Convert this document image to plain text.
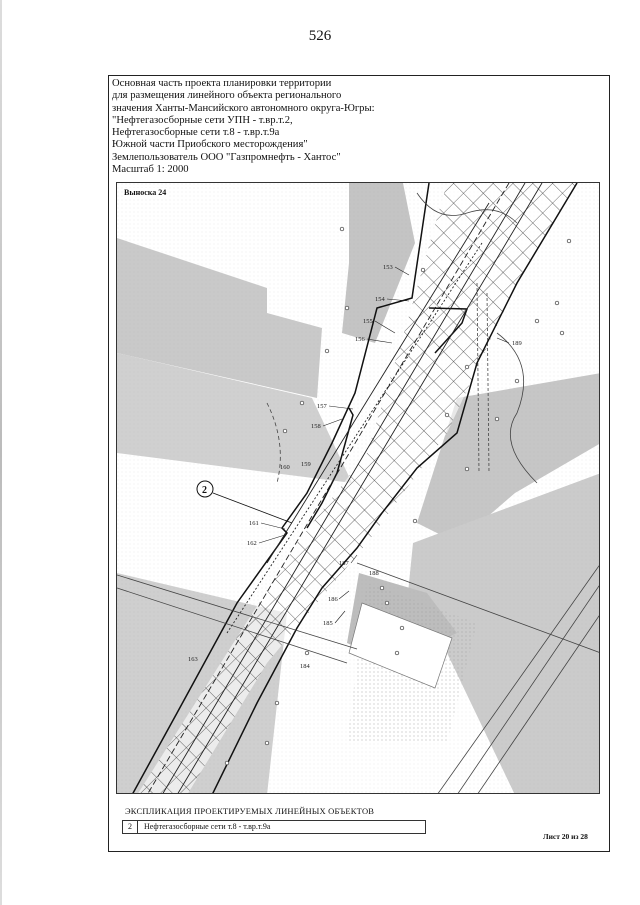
526
Основная часть проекта планировки территории
для размещения линейного объекта регионального
значения Ханты-Мансийского автономного округа-Югры:
"Нефтегазосборные сети УПН - т.вр.т.2,
Нефтегазосборные сети т.8 - т.вр.т.9а
Южной части Приобского месторождения"
Землепользователь ООО "Газпромнефть - Хантос"
Масштаб 1: 2000
2
Выноска 24
153
154
155
156
157
158
159
160
161
162
163
184
185
186
187
188
189
ЭКСПЛИКАЦИЯ ПРОЕКТИРУЕМЫХ ЛИНЕЙНЫХ ОБЪЕКТОВ
2	Нефтегазосборные сети т.8 - т.вр.т.9а
Лист 20 из 28
